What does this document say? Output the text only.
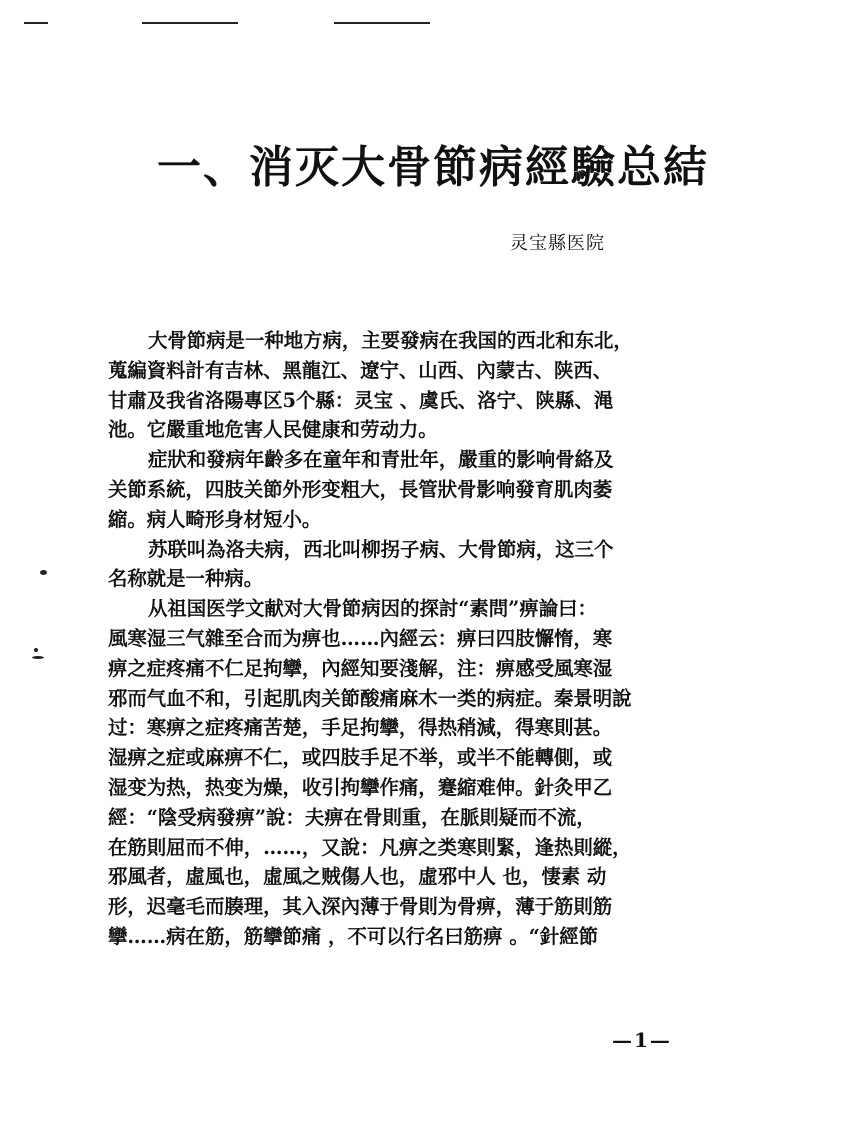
一、消灭大骨節病經驗总結
灵宝縣医院
大骨節病是一种地方病，主要發病在我国的西北和东北，
蒐編資料計有吉林、黑龍江、遼宁、山西、內蒙古、陕西、
甘肅及我省洛陽專区5个縣：灵宝 、虞氏、洛宁、陕縣、渑
池。它嚴重地危害人民健康和劳动力。
症狀和發病年齡多在童年和青壯年，嚴重的影响骨絡及
关節系統，四肢关節外形变粗大，長管狀骨影响發育肌肉萎
縮。病人畸形身材短小。
苏联叫為洛夫病，西北叫柳拐子病、大骨節病，这三个
名称就是一种病。
从祖国医学文献对大骨節病因的探討“素問”痹論曰：
風寒湿三气雜至合而为痹也……內經云：痹曰四肢懈惰，寒
痹之症疼痛不仁足拘攣，內經知要淺解，注：痹感受風寒湿
邪而气血不和，引起肌肉关節酸痛麻木一类的病症。秦景明說
过：寒痹之症疼痛苦楚，手足拘攣，得热稍減，得寒則甚。
湿痹之症或麻痹不仁，或四肢手足不举，或半不能轉側，或
湿变为热，热变为燥，收引拘攣作痛，蹇縮难伸。針灸甲乙
經：“陰受病發痹”說：夫痹在骨則重，在脈則疑而不流，
在筋則屈而不伸，……，又說：凡痹之类寒則緊，逢热則縱，
邪風者，虛風也，虛風之贼傷人也，虛邪中人 也，悽素 动
形，迟毫毛而腠理，其入深內薄于骨則为骨痹，薄于筋則筋
攣……病在筋，筋攣節痛 ，不可以行名曰筋痹 。“針經節
—1—
